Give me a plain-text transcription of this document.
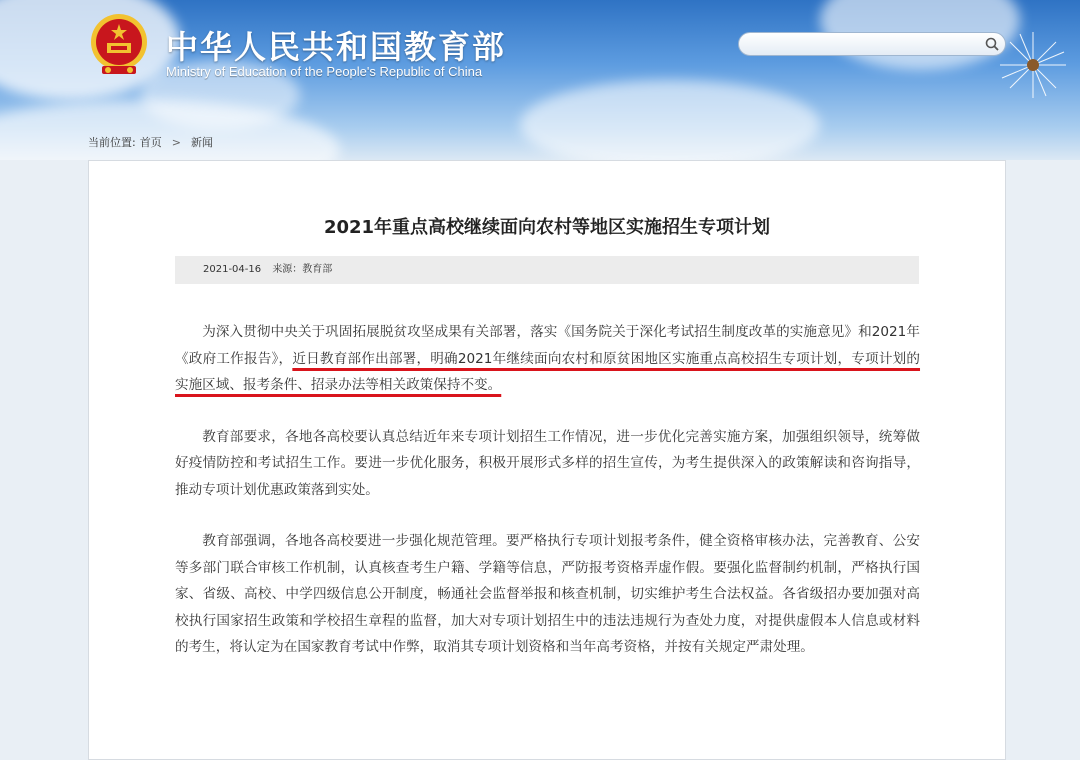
中华人民共和国教育部
Ministry of Education of the People's Republic of China
当前位置: 首页 > 新闻
2021年重点高校继续面向农村等地区实施招生专项计划
2021-04-16 来源：教育部

为深入贯彻中央关于巩固拓展脱贫攻坚成果有关部署，落实《国务院关于深化考试招生制度改革的实施意见》和2021年《政府工作报告》，近日教育部作出部署，明确2021年继续面向农村和原贫困地区实施重点高校招生专项计划，专项计划的实施区域、报考条件、招录办法等相关政策保持不变。

教育部要求，各地各高校要认真总结近年来专项计划招生工作情况，进一步优化完善实施方案，加强组织领导，统筹做好疫情防控和考试招生工作。要进一步优化服务，积极开展形式多样的招生宣传，为考生提供深入的政策解读和咨询指导，推动专项计划优惠政策落到实处。

教育部强调，各地各高校要进一步强化规范管理。要严格执行专项计划报考条件，健全资格审核办法，完善教育、公安等多部门联合审核工作机制，认真核查考生户籍、学籍等信息，严防报考资格弄虚作假。要强化监督制约机制，严格执行国家、省级、高校、中学四级信息公开制度，畅通社会监督举报和核查机制，切实维护考生合法权益。各省级招办要加强对高校执行国家招生政策和学校招生章程的监督，加大对专项计划招生中的违法违规行为查处力度，对提供虚假本人信息或材料的考生，将认定为在国家教育考试中作弊，取消其专项计划资格和当年高考资格，并按有关规定严肃处理。
